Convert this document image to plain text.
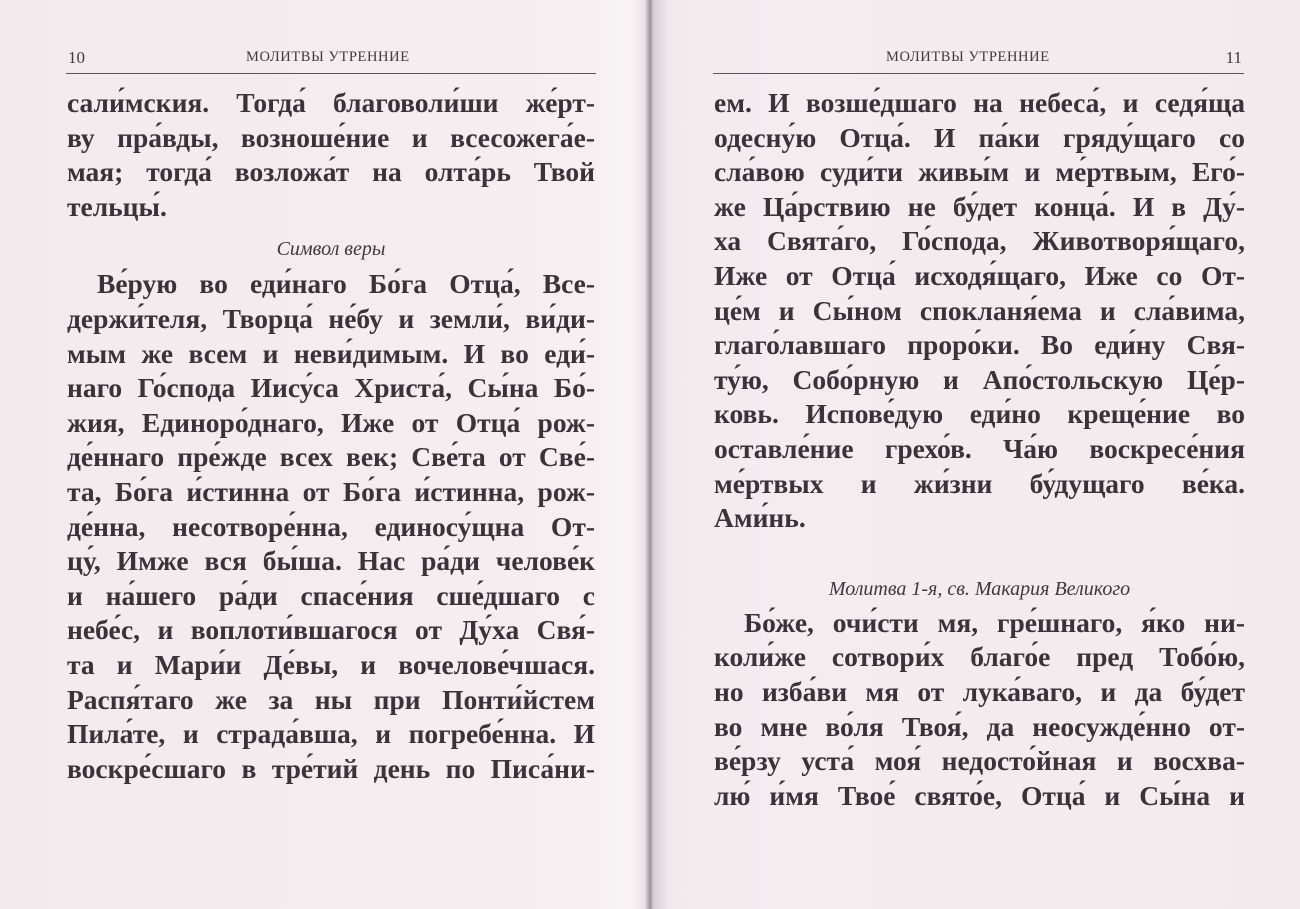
10	МОЛИТВЫ УТРЕННИЕ
сали́мския. Тогда́ благоволи́ши же́рт-
ву пра́вды, возноше́ние и всесожега́е-
мая; тогда́ возложа́т на олта́рь Твой
тельцы́.
Символ веры
Ве́рую во еди́наго Бо́га Отца́, Все-
держи́теля, Творца́ не́бу и земли́, ви́ди-
мым же всем и неви́димым. И во еди́-
наго Го́спода Иису́са Христа́, Сы́на Бо́-
жия, Единоро́днаго, Иже от Отца́ рож-
де́ннаго пре́жде всех век; Све́та от Све́-
та, Бо́га и́стинна от Бо́га и́стинна, рож-
де́нна, несотворе́нна, единосу́щна От-
цу́, Имже вся бы́ша. Нас ра́ди челове́к
и на́шего ра́ди спасе́ния сше́дшаго с
небе́с, и воплоти́вшагося от Ду́ха Свя́-
та и Мари́и Де́вы, и вочелове́чшася.
Распя́таго же за ны при Понти́йстем
Пила́те, и страда́вша, и погребе́нна. И
воскре́сшаго в тре́тий день по Писа́ни-
МОЛИТВЫ УТРЕННИЕ	11
ем. И возше́дшаго на небеса́, и седя́ща
одесну́ю Отца́. И па́ки гряду́щаго со
сла́вою суди́ти живы́м и ме́ртвым, Его́-
же Ца́рствию не бу́дет конца́. И в Ду́-
ха Свята́го, Го́спода, Животворя́щаго,
Иже от Отца́ исходя́щаго, Иже со От-
це́м и Сы́ном спокланя́ема и сла́вима,
глаго́лавшаго проро́ки. Во еди́ну Свя-
ту́ю, Собо́рную и Апо́стольскую Це́р-
ковь. Испове́дую еди́но креще́ние во
оставле́ние грехо́в. Ча́ю воскресе́ния
ме́ртвых и жи́зни бу́дущаго ве́ка.
Ами́нь.
Молитва 1-я, св. Макария Великого
Бо́же, очи́сти мя, гре́шнаго, я́ко ни-
коли́же сотвори́х благо́е пред Тобо́ю,
но изба́ви мя от лука́ваго, и да бу́дет
во мне во́ля Твоя́, да неосужде́нно от-
ве́рзу уста́ моя́ недосто́йная и восхва-
лю́ и́мя Твое́ свято́е, Отца́ и Сы́на и
